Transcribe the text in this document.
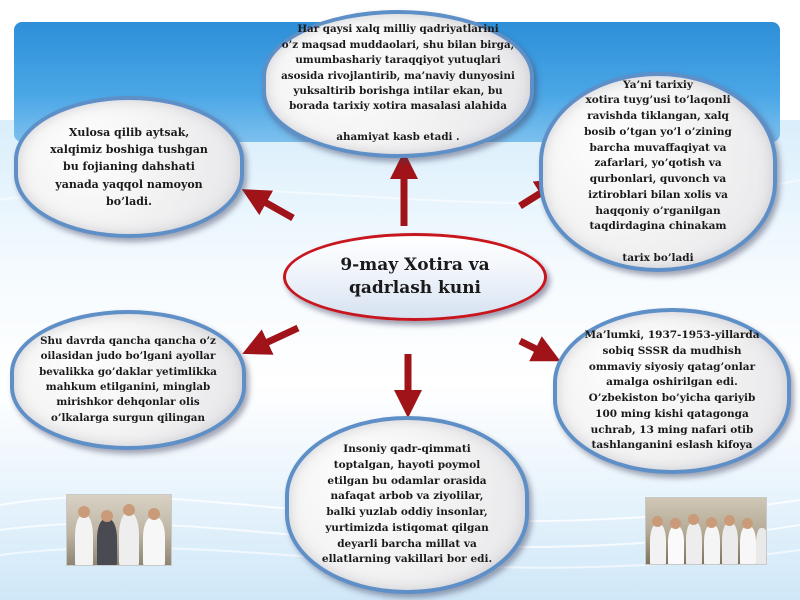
Har qaysi xalq milliy qadriyatlarini
o’z maqsad muddaolari, shu bilan birga,
umumbashariy taraqqiyot yutuqlari
asosida rivojlantirib, ma’naviy dunyosini
yuksaltirib borishga intilar ekan, bu
borada tarixiy xotira masalasi alahida

ahamiyat kasb etadi .
Xulosa qilib aytsak,
xalqimiz boshiga tushgan
bu fojianing dahshati
yanada yaqqol namoyon
bo’ladi.
Ya’ni tarixiy
xotira tuyg’usi to’laqonli
ravishda tiklangan, xalq
bosib o’tgan yo’l o’zining
barcha muvaffaqiyat va
zafarlari, yo’qotish va
qurbonlari, quvonch va
iztiroblari bilan xolis va
haqqoniy o’rganilgan
taqdirdagina chinakam

tarix bo’ladi
9-may Xotira va
qadrlash kuni
Shu davrda qancha qancha o’z
oilasidan judo bo’lgani ayollar
bevalikka go’daklar yetimlikka
mahkum etilganini, minglab
mirishkor dehqonlar olis
o’lkalarga surgun qilingan
Insoniy qadr-qimmati
toptalgan, hayoti poymol
etilgan bu odamlar orasida
nafaqat arbob va ziyolilar,
balki yuzlab oddiy insonlar,
yurtimizda istiqomat qilgan
deyarli barcha millat va
ellatlarning vakillari bor edi.
Ma’lumki, 1937-1953-yillarda
sobiq SSSR da mudhish
ommaviy siyosiy qatag’onlar
amalga oshirilgan edi.
O’zbekiston bo’yicha qariyib
100 ming kishi qatagonga
uchrab, 13 ming nafari otib
tashlanganini eslash kifoya
